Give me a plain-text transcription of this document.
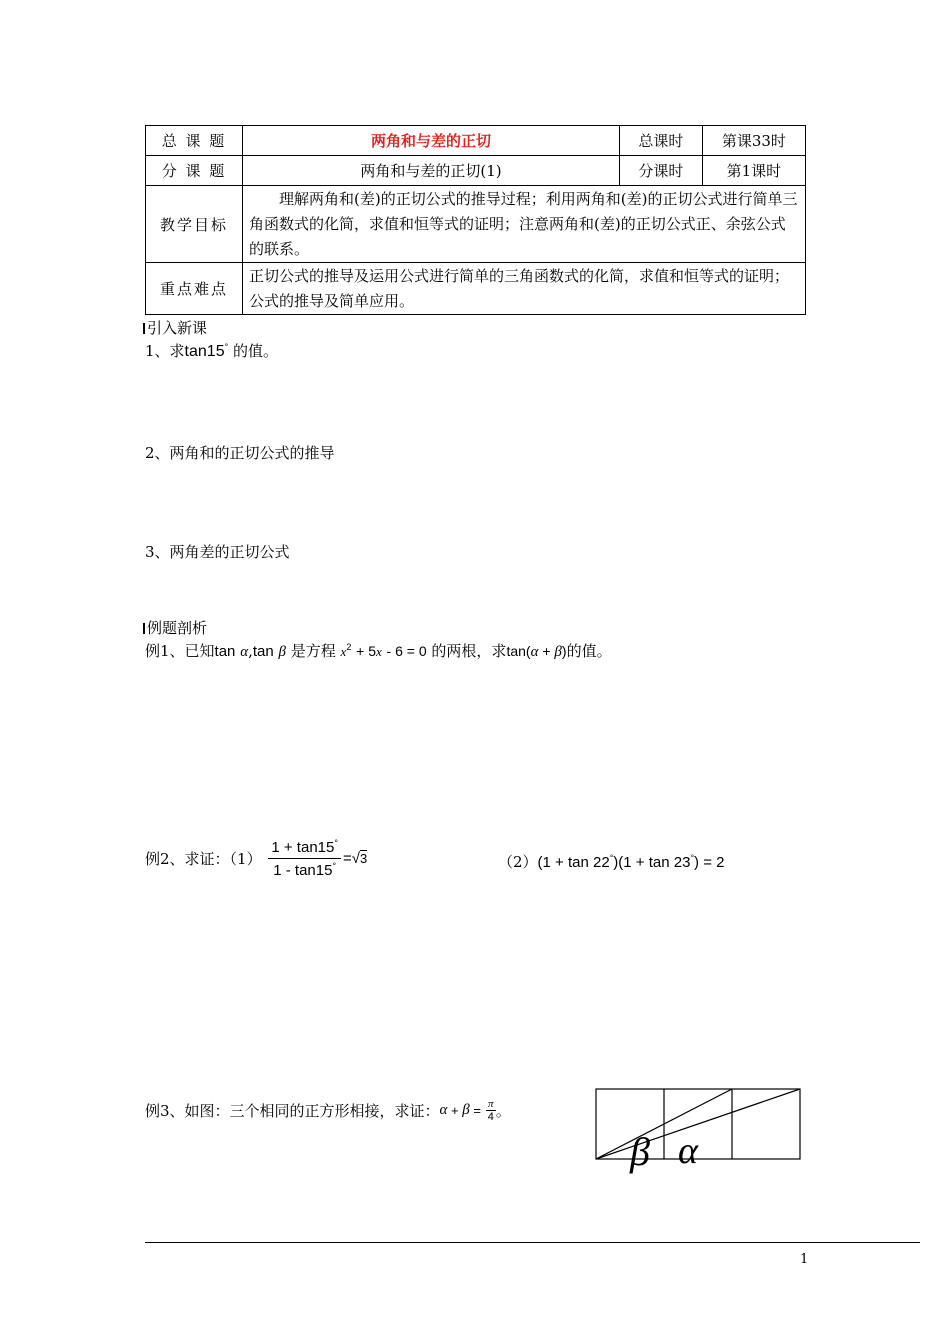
总 课 题	两角和与差的正切	总课时	第课33时
分 课 题	两角和与差的正切(1)	分课时	第1课时
教学目标	理解两角和(差)的正切公式的推导过程；利用两角和(差)的正切公式进行简单三角函数式的化简，求值和恒等式的证明；注意两角和(差)的正切公式正、余弦公式的联系。		
重点难点	正切公式的推导及运用公式进行简单的三角函数式的化简，求值和恒等式的证明；公式的推导及简单应用。		
引入新课
1、求tan15° 的值。
2、两角和的正切公式的推导
3、两角差的正切公式
例题剖析
例1、已知tan α,tan β 是方程 $x^2 + 5x - 6 = 0$ 的两根，求tan(α + β)的值。
例2、求证：$(1) \frac{1 + \tan 15^\circ}{1 - \tan 15^\circ} =√3$	（2）(1 + tan 22°)(1 + tan 23°) = 2
例3、如图：三个相同的正方形相接，求证：$\alpha + \beta = \frac{\pi}{4}$ 。
β α
1
